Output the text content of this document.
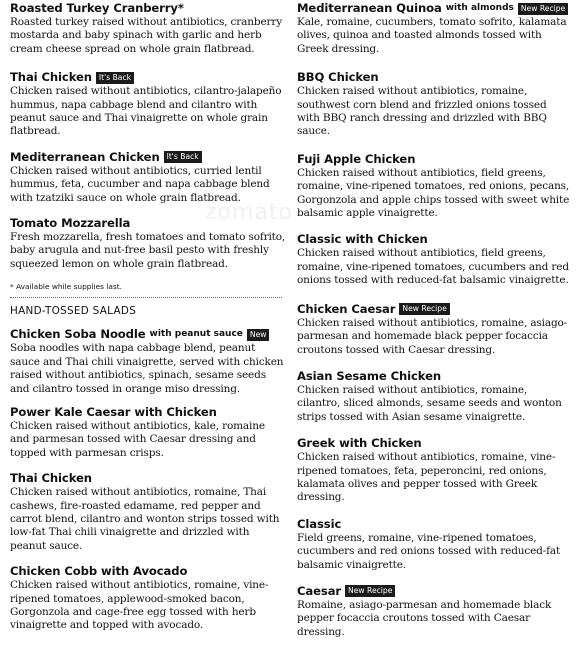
zomato
Roasted Turkey Cranberry*
Roasted turkey raised without antibiotics, cranberry mostarda and baby spinach with garlic and herb cream cheese spread on whole grain flatbread.
Thai Chicken It's Back
Chicken raised without antibiotics, cilantro-jalapeño hummus, napa cabbage blend and cilantro with peanut sauce and Thai vinaigrette on whole grain flatbread.
Mediterranean Chicken It's Back
Chicken raised without antibiotics, curried lentil hummus, feta, cucumber and napa cabbage blend with tzatziki sauce on whole grain flatbread.
Tomato Mozzarella
Fresh mozzarella, fresh tomatoes and tomato sofrito, baby arugula and nut-free basil pesto with freshly squeezed lemon on whole grain flatbread.
* Available while supplies last.
HAND-TOSSED SALADS
Chicken Soba Noodle with peanut sauce New
Soba noodles with napa cabbage blend, peanut sauce and Thai chili vinaigrette, served with chicken raised without antibiotics, spinach, sesame seeds and cilantro tossed in orange miso dressing.
Power Kale Caesar with Chicken
Chicken raised without antibiotics, kale, romaine and parmesan tossed with Caesar dressing and topped with parmesan crisps.
Thai Chicken
Chicken raised without antibiotics, romaine, Thai cashews, fire-roasted edamame, red pepper and carrot blend, cilantro and wonton strips tossed with low-fat Thai chili vinaigrette and drizzled with peanut sauce.
Chicken Cobb with Avocado
Chicken raised without antibiotics, romaine, vine-ripened tomatoes, applewood-smoked bacon, Gorgonzola and cage-free egg tossed with herb vinaigrette and topped with avocado.
Mediterranean Quinoa with almonds New Recipe
Kale, romaine, cucumbers, tomato sofrito, kalamata olives, quinoa and toasted almonds tossed with Greek dressing.
BBQ Chicken
Chicken raised without antibiotics, romaine, southwest corn blend and frizzled onions tossed with BBQ ranch dressing and drizzled with BBQ sauce.
Fuji Apple Chicken
Chicken raised without antibiotics, field greens, romaine, vine-ripened tomatoes, red onions, pecans, Gorgonzola and apple chips tossed with sweet white balsamic apple vinaigrette.
Classic with Chicken
Chicken raised without antibiotics, field greens, romaine, vine-ripened tomatoes, cucumbers and red onions tossed with reduced-fat balsamic vinaigrette.
Chicken Caesar New Recipe
Chicken raised without antibiotics, romaine, asiago-parmesan and homemade black pepper focaccia croutons tossed with Caesar dressing.
Asian Sesame Chicken
Chicken raised without antibiotics, romaine, cilantro, sliced almonds, sesame seeds and wonton strips tossed with Asian sesame vinaigrette.
Greek with Chicken
Chicken raised without antibiotics, romaine, vine-ripened tomatoes, feta, peperoncini, red onions, kalamata olives and pepper tossed with Greek dressing.
Classic
Field greens, romaine, vine-ripened tomatoes, cucumbers and red onions tossed with reduced-fat balsamic vinaigrette.
Caesar New Recipe
Romaine, asiago-parmesan and homemade black pepper focaccia croutons tossed with Caesar dressing.
